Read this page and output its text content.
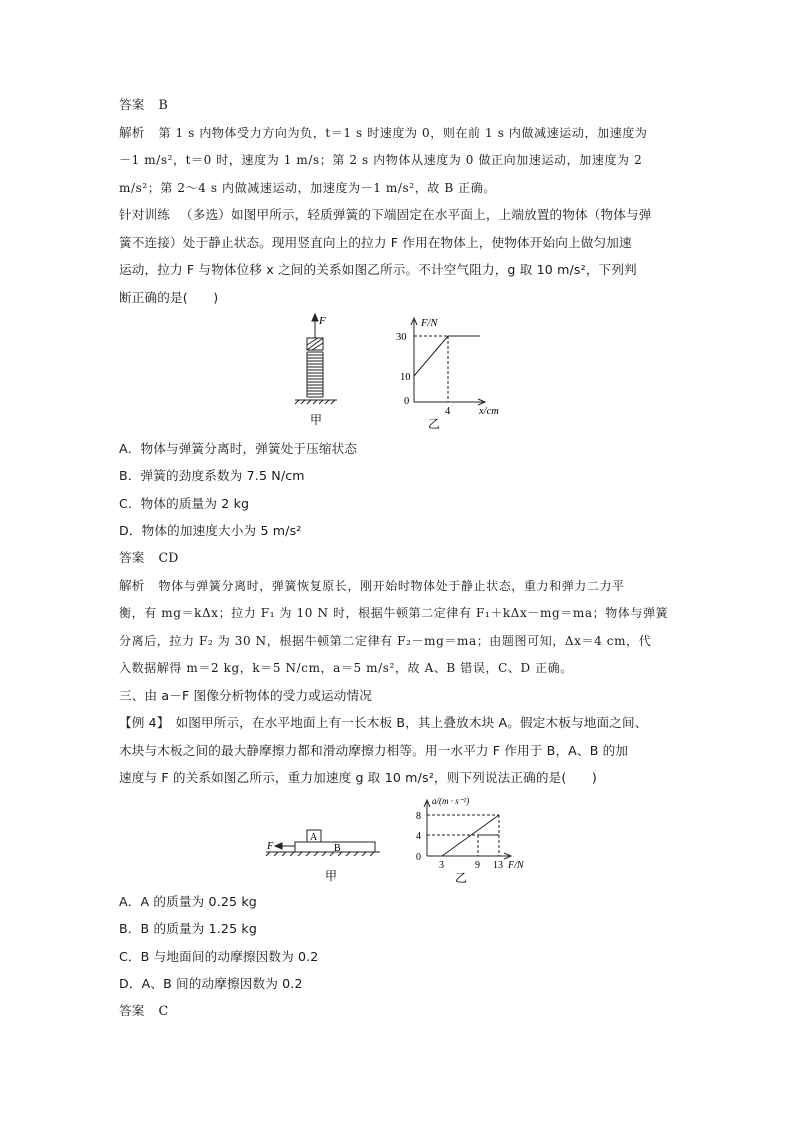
答案 B
解析 第 1 s 内物体受力方向为负，t＝1 s 时速度为 0，则在前 1 s 内做减速运动，加速度为
－1 m/s²，t＝0 时，速度为 1 m/s；第 2 s 内物体从速度为 0 做正向加速运动，加速度为 2
m/s²；第 2～4 s 内做减速运动，加速度为－1 m/s²，故 B 正确。
针对训练 （多选）如图甲所示，轻质弹簧的下端固定在水平面上，上端放置的物体（物体与弹
簧不连接）处于静止状态。现用竖直向上的拉力 F 作用在物体上，使物体开始向上做匀加速
运动，拉力 F 与物体位移 x 之间的关系如图乙所示。不计空气阻力，g 取 10 m/s²，下列判
断正确的是(　　)
F
甲
F/N
30
10
0
4	x/cm
乙
A．物体与弹簧分离时，弹簧处于压缩状态
B．弹簧的劲度系数为 7.5 N/cm
C．物体的质量为 2 kg
D．物体的加速度大小为 5 m/s²
答案 CD
解析 物体与弹簧分离时，弹簧恢复原长，刚开始时物体处于静止状态，重力和弹力二力平
衡，有 mg＝kΔx；拉力 F₁ 为 10 N 时，根据牛顿第二定律有 F₁＋kΔx－mg＝ma；物体与弹簧
分离后，拉力 F₂ 为 30 N，根据牛顿第二定律有 F₂－mg＝ma；由题图可知，Δx＝4 cm，代
入数据解得 m＝2 kg，k＝5 N/cm，a＝5 m/s²，故 A、B 错误，C、D 正确。
三、由 a－F 图像分析物体的受力或运动情况
【例 4】 如图甲所示，在水平地面上有一长木板 B，其上叠放木块 A。假定木板与地面之间、
木块与木板之间的最大静摩擦力都和滑动摩擦力相等。用一水平力 F 作用于 B，A、B 的加
速度与 F 的关系如图乙所示，重力加速度 g 取 10 m/s²，则下列说法正确的是(　　)
A
B
F
甲
a/(m · s⁻²)
8
4
0
3	9 13 F/N
乙
A．A 的质量为 0.25 kg
B．B 的质量为 1.25 kg
C．B 与地面间的动摩擦因数为 0.2
D．A、B 间的动摩擦因数为 0.2
答案 C
